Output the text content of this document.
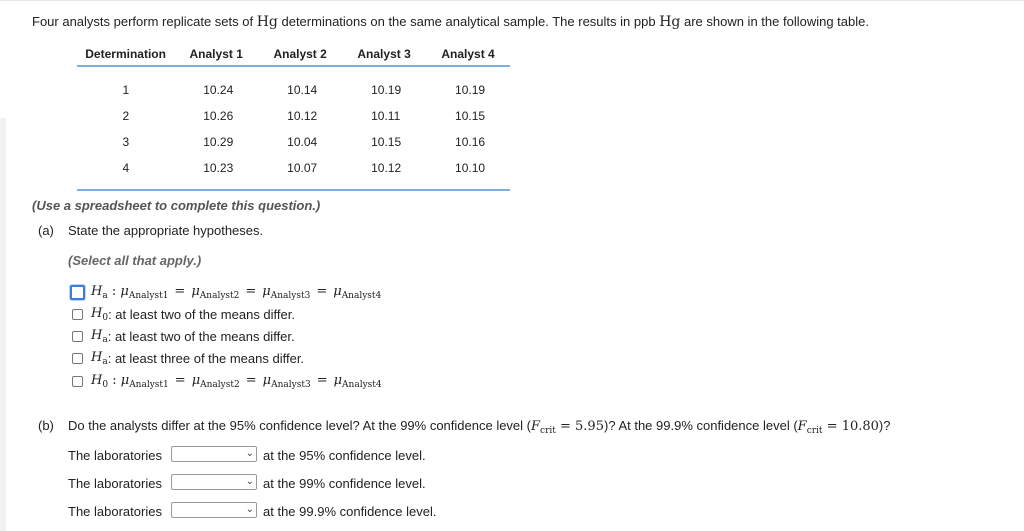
Four analysts perform replicate sets of Hg determinations on the same analytical sample. The results in ppb Hg are shown in the following table.
Determination	Analyst 1	Analyst 2	Analyst 3	Analyst 4
1	10.24	10.14	10.19	10.19
2	10.26	10.12	10.11	10.15
3	10.29	10.04	10.15	10.16
4	10.23	10.07	10.12	10.10
(Use a spreadsheet to complete this question.)
(a) State the appropriate hypotheses.
(Select all that apply.)
$H_a$ : $\mu_{Analyst1} = \mu_{Analyst2} = \mu_{Analyst3} = \mu_{Analyst4}$
$H_0$ : at least two of the means differ.
$H_a$ : at least two of the means differ.
$H_a$ : at least three of the means differ.
$H_0$ : $\mu_{Analyst1} = \mu_{Analyst2} = \mu_{Analyst3} = \mu_{Analyst4}$
(b) Do the analysts differ at the 95% confidence level? At the 99% confidence level $(F_{crit} = 5.95)$? At the 99.9% confidence level $(F_{crit} = 10.80)$?
The laboratories	⌄ at the 95% confidence level.
The laboratories	⌄ at the 99% confidence level.
The laboratories	⌄ at the 99.9% confidence level.
